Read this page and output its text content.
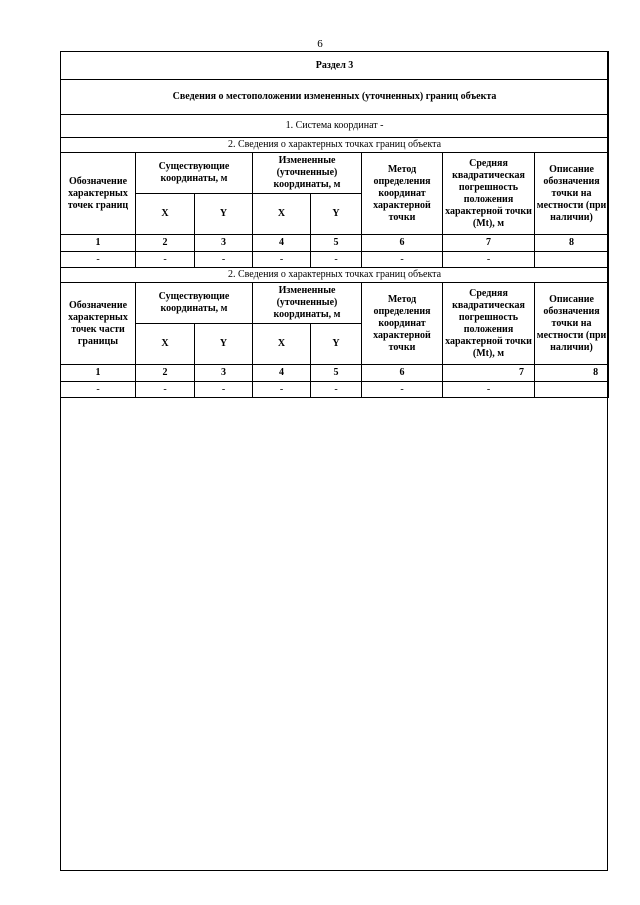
6
Раздел 3							
Сведения о местоположении измененных (уточненных) границ объекта							
1. Система координат -							
2. Сведения о характерных точках границ объекта							
Обозначение характерных точек границ	Существующие координаты, м		Измененные (уточненные) координаты, м		Метод определения координат характерной точки	Средняя квадратическая погрешность положения характерной точки (Mt), м	Описание обозначения точки на местности (при наличии)
	X	Y	X	Y			
1	2	3	4	5	6	7	8
-	-	-	-	-	-	-	
2. Сведения о характерных точках границ объекта							
Обозначение характерных точек части границы	Существующие координаты, м		Измененные (уточненные) координаты, м		Метод определения координат характерной точки	Средняя квадратическая погрешность положения характерной точки (Mt), м	Описание обозначения точки на местности (при наличии)
	X	Y	X	Y			
1	2	3	4	5	6	7	8
-	-	-	-	-	-	-	
